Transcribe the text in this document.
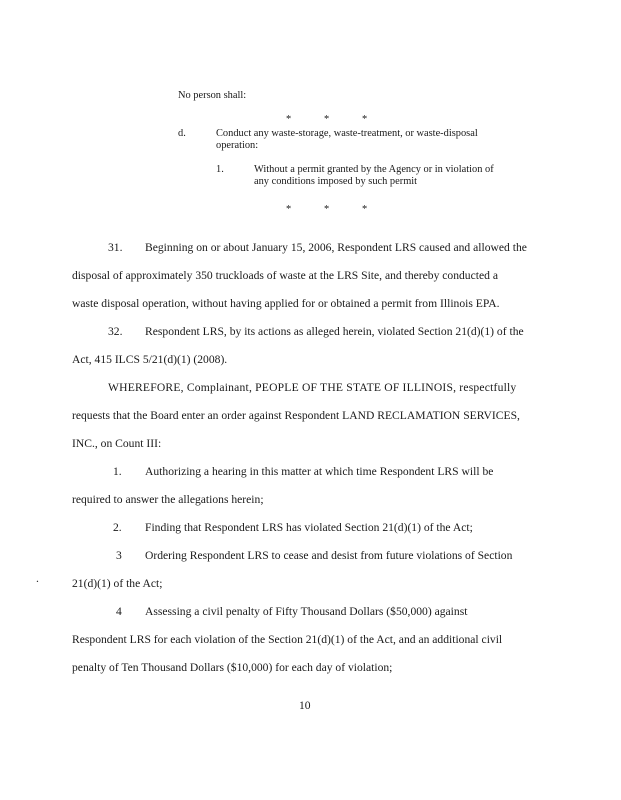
No person shall:
*	*	*
d.	Conduct any waste-storage, waste-treatment, or waste-disposal
operation:
1.	Without a permit granted by the Agency or in violation of
any conditions imposed by such permit
*	*	*
31. Beginning on or about January 15, 2006, Respondent LRS caused and allowed the
disposal of approximately 350 truckloads of waste at the LRS Site, and thereby conducted a
waste disposal operation, without having applied for or obtained a permit from Illinois EPA.
32. Respondent LRS, by its actions as alleged herein, violated Section 21(d)(1) of the
Act, 415 ILCS 5/21(d)(1) (2008).
WHEREFORE, Complainant, PEOPLE OF THE STATE OF ILLINOIS, respectfully
requests that the Board enter an order against Respondent LAND RECLAMATION SERVICES,
INC., on Count III:
1. Authorizing a hearing in this matter at which time Respondent LRS will be
required to answer the allegations herein;
2. Finding that Respondent LRS has violated Section 21(d)(1) of the Act;
3 Ordering Respondent LRS to cease and desist from future violations of Section
.	21(d)(1) of the Act;
4 Assessing a civil penalty of Fifty Thousand Dollars ($50,000) against
Respondent LRS for each violation of the Section 21(d)(1) of the Act, and an additional civil
penalty of Ten Thousand Dollars ($10,000) for each day of violation;
10
